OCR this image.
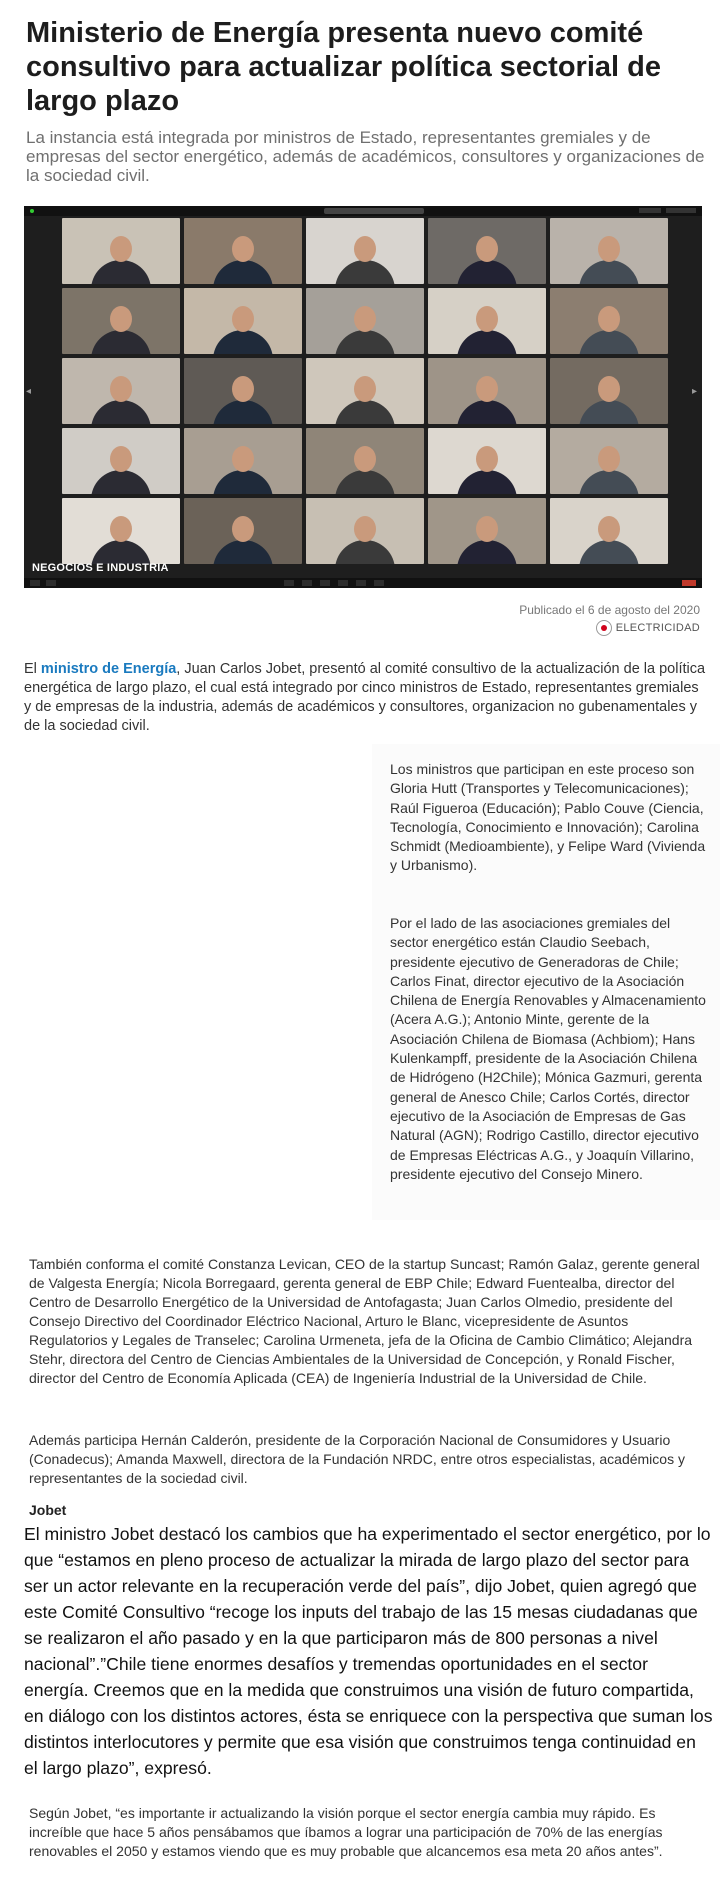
Ministerio de Energía presenta nuevo comité consultivo para actualizar política sectorial de largo plazo

La instancia está integrada por ministros de Estado, representantes gremiales y de empresas del sector energético, además de académicos, consultores y organizaciones de la sociedad civil.

◂	▸
NEGOCIOS E INDUSTRIA

Publicado el 6 de agosto del 2020

ELECTRICIDAD

El ministro de Energía, Juan Carlos Jobet, presentó al comité consultivo de la actualización de la política energética de largo plazo, el cual está integrado por cinco ministros de Estado, representantes gremiales y de empresas de la industria, además de académicos y consultores, organizacion no gubenamentales y de la sociedad civil.

Los ministros que participan en este proceso son Gloria Hutt (Transportes y Telecomunicaciones); Raúl Figueroa (Educación); Pablo Couve (Ciencia, Tecnología, Conocimiento e Innovación); Carolina Schmidt (Medioambiente), y Felipe Ward (Vivienda y Urbanismo).

Por el lado de las asociaciones gremiales del sector energético están Claudio Seebach, presidente ejecutivo de Generadoras de Chile; Carlos Finat, director ejecutivo de la Asociación Chilena de Energía Renovables y Almacenamiento (Acera A.G.); Antonio Minte, gerente de la Asociación Chilena de Biomasa (Achbiom); Hans Kulenkampff, presidente de la Asociación Chilena de Hidrógeno (H2Chile); Mónica Gazmuri, gerenta general de Anesco Chile; Carlos Cortés, director ejecutivo de la Asociación de Empresas de Gas Natural (AGN); Rodrigo Castillo, director ejecutivo de Empresas Eléctricas A.G., y Joaquín Villarino, presidente ejecutivo del Consejo Minero.

También conforma el comité Constanza Levican, CEO de la startup Suncast; Ramón Galaz, gerente general de Valgesta Energía; Nicola Borregaard, gerenta general de EBP Chile; Edward Fuentealba, director del Centro de Desarrollo Energético de la Universidad de Antofagasta; Juan Carlos Olmedio, presidente del Consejo Directivo del Coordinador Eléctrico Nacional, Arturo le Blanc, vicepresidente de Asuntos Regulatorios y Legales de Transelec; Carolina Urmeneta, jefa de la Oficina de Cambio Climático; Alejandra Stehr, directora del Centro de Ciencias Ambientales de la Universidad de Concepción, y Ronald Fischer, director del Centro de Economía Aplicada (CEA) de Ingeniería Industrial de la Universidad de Chile.

Además participa Hernán Calderón, presidente de la Corporación Nacional de Consumidores y Usuario (Conadecus); Amanda Maxwell, directora de la Fundación NRDC, entre otros especialistas, académicos y representantes de la sociedad civil.

Jobet

El ministro Jobet destacó los cambios que ha experimentado el sector energético, por lo que “estamos en pleno proceso de actualizar la mirada de largo plazo del sector para ser un actor relevante en la recuperación verde del país”, dijo Jobet, quien agregó que este Comité Consultivo “recoge los inputs del trabajo de las 15 mesas ciudadanas que se realizaron el año pasado y en la que participaron más de 800 personas a nivel nacional”.”Chile tiene enormes desafíos y tremendas oportunidades en el sector energía. Creemos que en la medida que construimos una visión de futuro compartida, en diálogo con los distintos actores, ésta se enriquece con la perspectiva que suman los distintos interlocutores y permite que esa visión que construimos tenga continuidad en el largo plazo”, expresó.

Según Jobet, “es importante ir actualizando la visión porque el sector energía cambia muy rápido. Es increíble que hace 5 años pensábamos que íbamos a lograr una participación de 70% de las energías renovables el 2050 y estamos viendo que es muy probable que alcancemos esa meta 20 años antes”.
